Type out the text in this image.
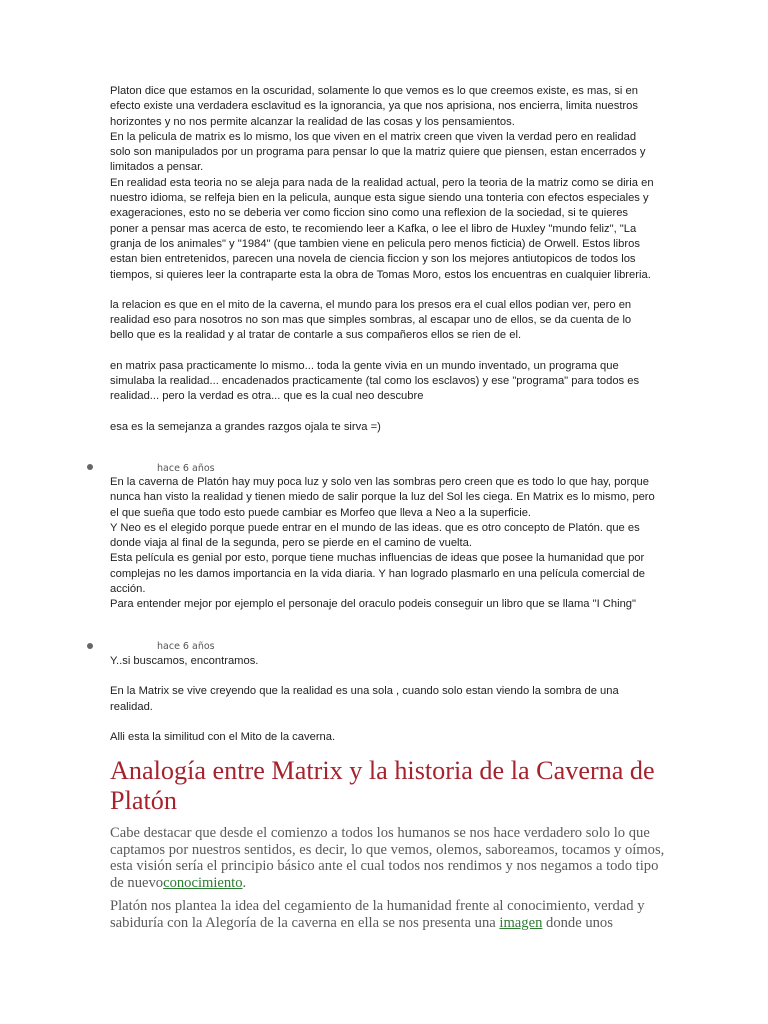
Platon dice que estamos en la oscuridad, solamente lo que vemos es lo que creemos existe, es mas, si en efecto existe una verdadera esclavitud es la ignorancia, ya que nos aprisiona, nos encierra, limita nuestros horizontes y no nos permite alcanzar la realidad de las cosas y los pensamientos.

En la pelicula de matrix es lo mismo, los que viven en el matrix creen que viven la verdad pero en realidad solo son manipulados por un programa para pensar lo que la matriz quiere que piensen, estan encerrados y limitados a pensar.

En realidad esta teoria no se aleja para nada de la realidad actual, pero la teoria de la matriz como se diria en nuestro idioma, se relfeja bien en la pelicula, aunque esta sigue siendo una tonteria con efectos especiales y exageraciones, esto no se deberia ver como ficcion sino como una reflexion de la sociedad, si te quieres poner a pensar mas acerca de esto, te recomiendo leer a Kafka, o lee el libro de Huxley "mundo feliz", "La granja de los animales" y "1984" (que tambien viene en pelicula pero menos ficticia) de Orwell. Estos libros estan bien entretenidos, parecen una novela de ciencia ficcion y son los mejores antiutopicos de todos los tiempos, si quieres leer la contraparte esta la obra de Tomas Moro, estos los encuentras en cualquier libreria.

la relacion es que en el mito de la caverna, el mundo para los presos era el cual ellos podian ver, pero en realidad eso para nosotros no son mas que simples sombras, al escapar uno de ellos, se da cuenta de lo bello que es la realidad y al tratar de contarle a sus compañeros ellos se rien de el.

en matrix pasa practicamente lo mismo... toda la gente vivia en un mundo inventado, un programa que simulaba la realidad... encadenados practicamente (tal como los esclavos) y ese "programa" para todos es realidad... pero la verdad es otra... que es la cual neo descubre

esa es la semejanza a grandes razgos ojala te sirva =)

hace 6 años

En la caverna de Platón hay muy poca luz y solo ven las sombras pero creen que es todo lo que hay, porque nunca han visto la realidad y tienen miedo de salir porque la luz del Sol les ciega. En Matrix es lo mismo, pero el que sueña que todo esto puede cambiar es Morfeo que lleva a Neo a la superficie.

Y Neo es el elegido porque puede entrar en el mundo de las ideas. que es otro concepto de Platón. que es donde viaja al final de la segunda, pero se pierde en el camino de vuelta.

Esta película es genial por esto, porque tiene muchas influencias de ideas que posee la humanidad que por complejas no les damos importancia en la vida diaria. Y han logrado plasmarlo en una película comercial de acción.

Para entender mejor por ejemplo el personaje del oraculo podeis conseguir un libro que se llama "I Ching"

hace 6 años

Y..si buscamos, encontramos.

En la Matrix se vive creyendo que la realidad es una sola , cuando solo estan viendo la sombra de una realidad.

Alli esta la similitud con el Mito de la caverna.

Analogía entre Matrix y la historia de la Caverna de Platón

Cabe destacar que desde el comienzo a todos los humanos se nos hace verdadero solo lo que captamos por nuestros sentidos, es decir, lo que vemos, olemos, saboreamos, tocamos y oímos, esta visión sería el principio básico ante el cual todos nos rendimos y nos negamos a todo tipo de nuevoconocimiento.

Platón nos plantea la idea del cegamiento de la humanidad frente al conocimiento, verdad y sabiduría con la Alegoría de la caverna en ella se nos presenta una imagen donde unos
